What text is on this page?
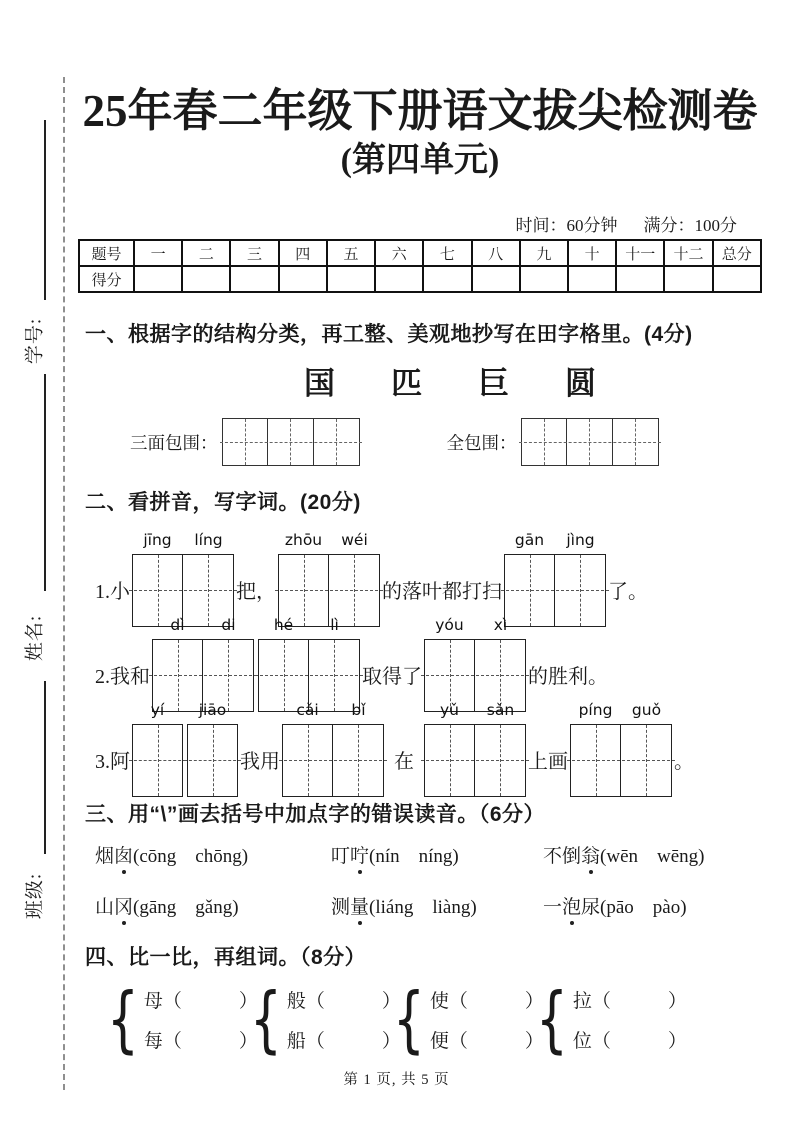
学号:
姓名:
班级:
25年春二年级下册语文拔尖检测卷
(第四单元)
时间：60分钟 满分：100分
题号	一	二	三	四	五	六	七	八	九	十	十一	十二	总分
得分													
一、根据字的结构分类，再工整、美观地抄写在田字格里。(4分)
国 匹 巨 圆
三面包围：	全包围：
二、看拼音，写字词。(20分)
1.小
jīng líng
把，
zhōu wéi
的落叶都打扫
gān jìng
了。
2.我和
dì di hé lì
取得了
yóu xì
的胜利。
3.阿
yí jiāo
我用
cǎi bǐ
在
yǔ sǎn
上画
píng guǒ
。
三、用“\”画去括号中加点字的错误读音。（6分）
烟囱(cōng　chōng)	叮咛(nín　níng)	不倒翁(wēn　wēng)
山冈(gāng　gǎng)	测量(liáng　liàng)	一泡尿(pāo　pào)
四、比一比，再组词。（8分）
{ 母（　　　）
每（　　　）
{ 般（　　　）
船（　　　）
{ 使（　　　）
便（　　　）
{ 拉（　　　）
位（　　　）
第 1 页, 共 5 页
